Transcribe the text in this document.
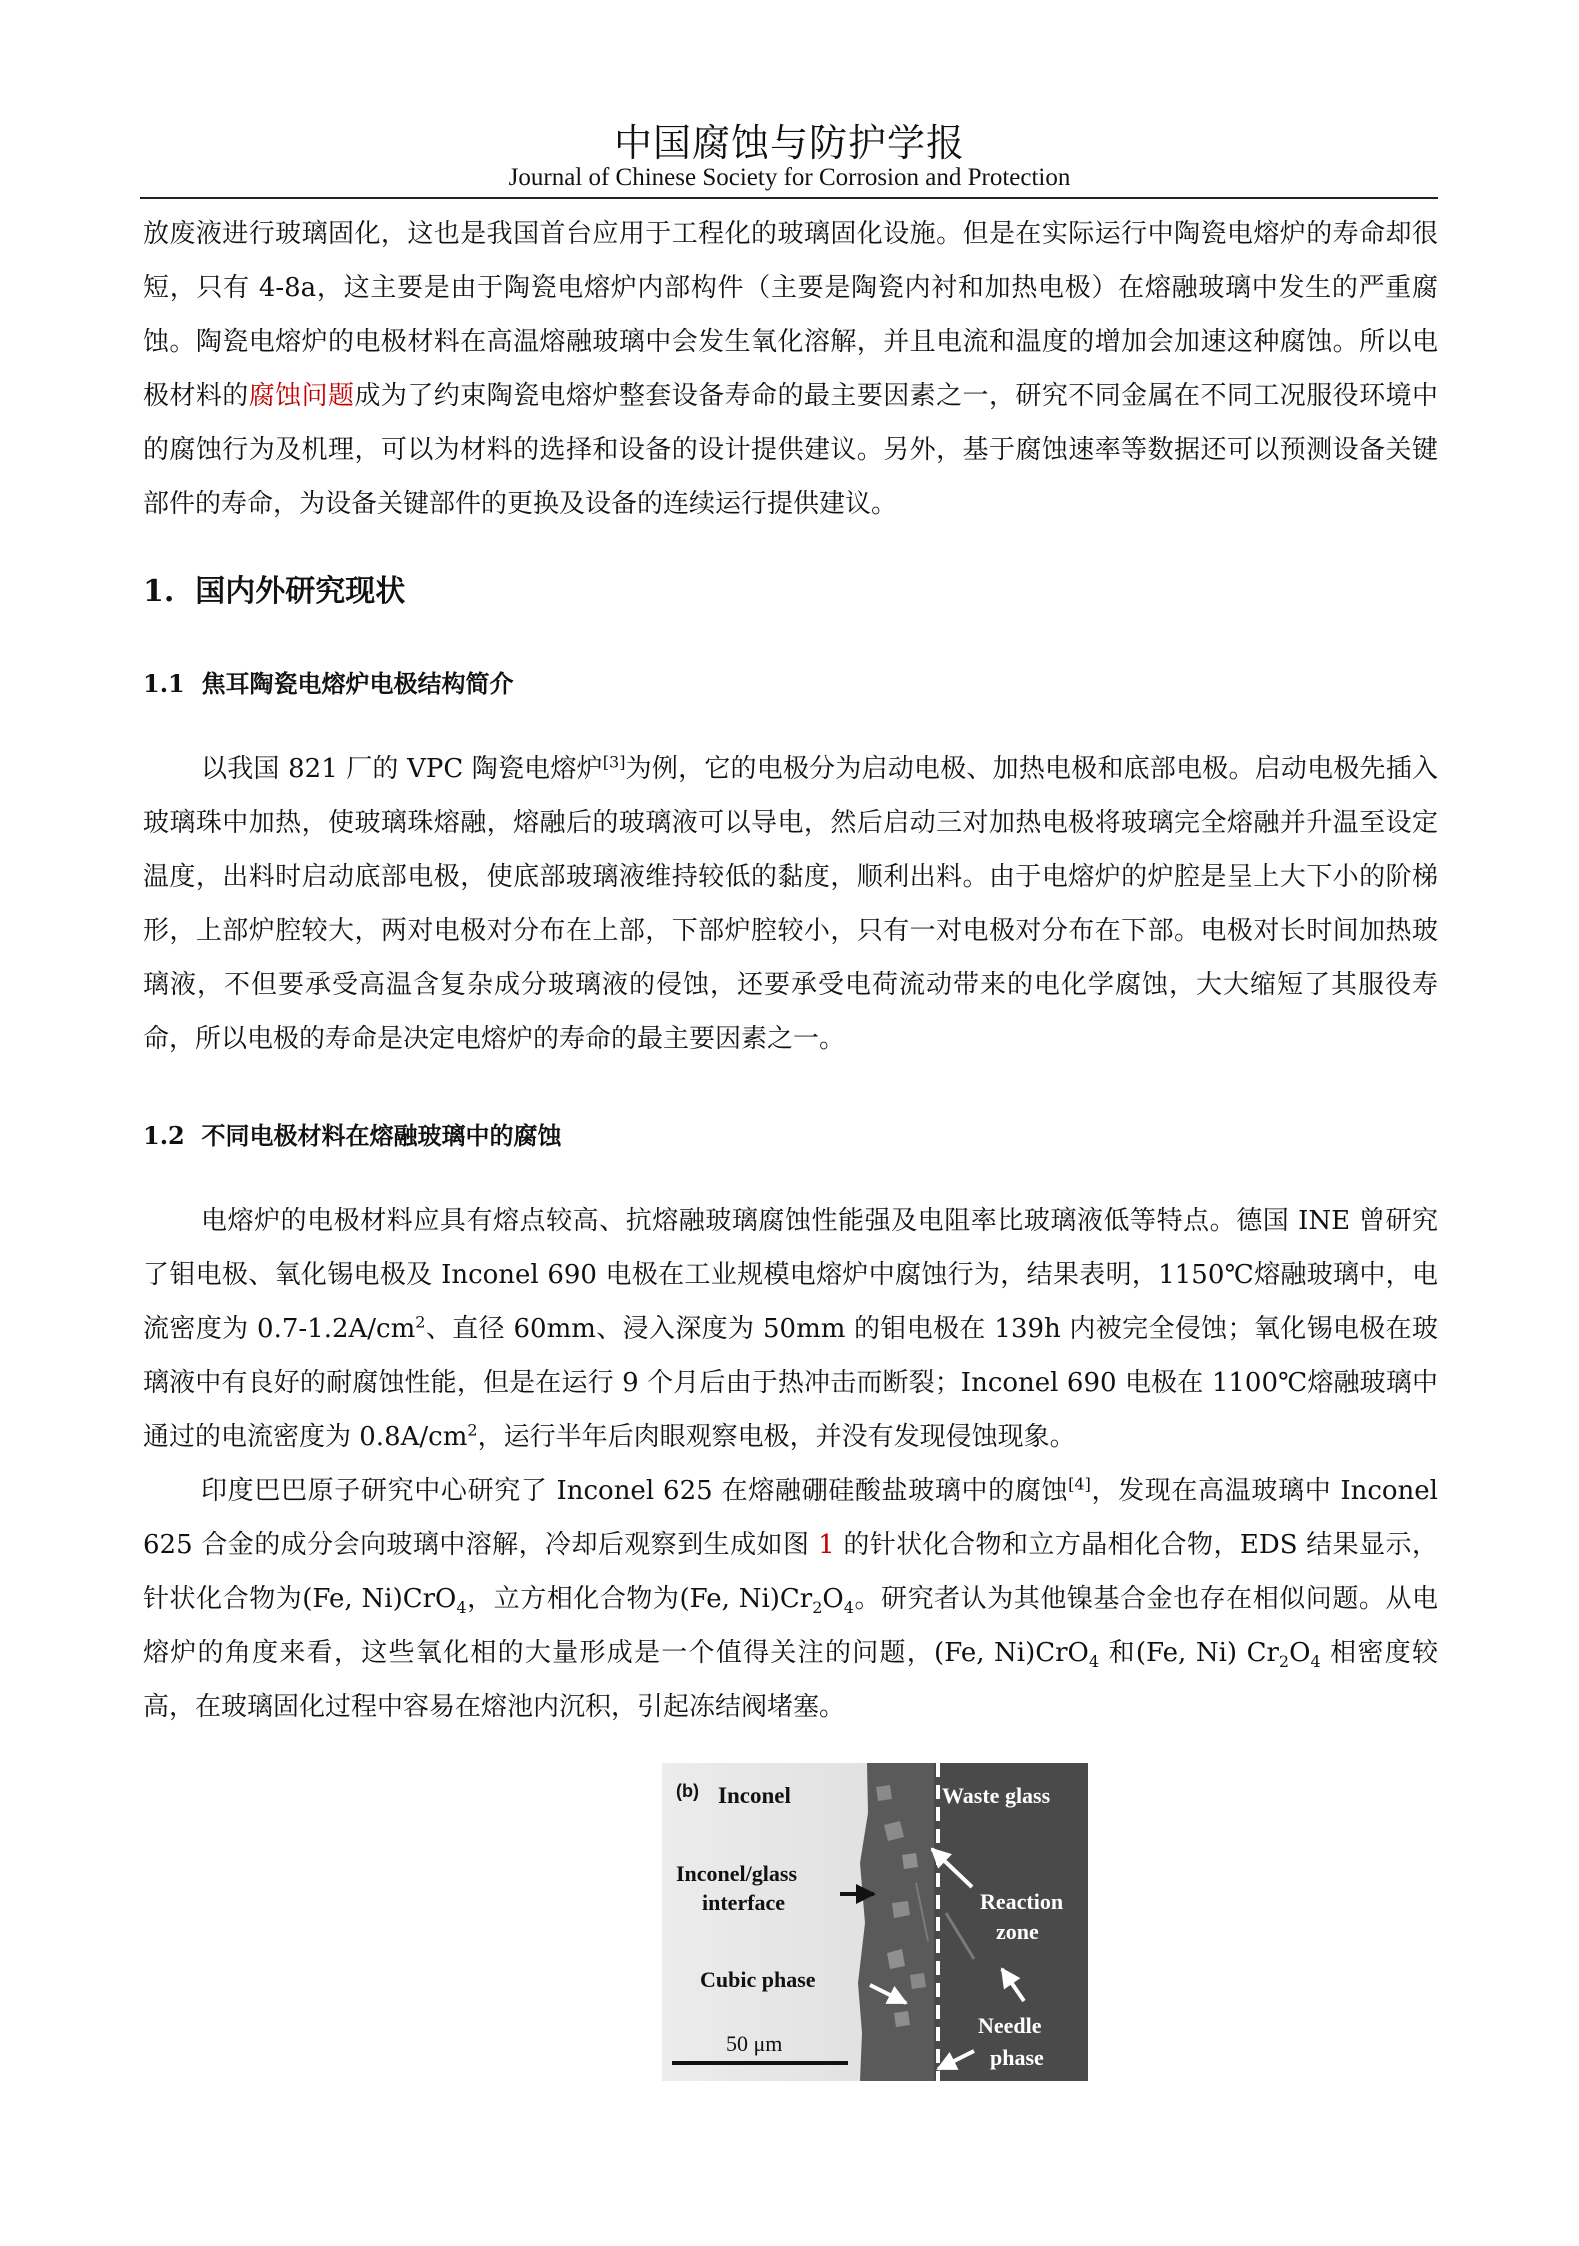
中国腐蚀与防护学报
Journal of Chinese Society for Corrosion and Protection

放废液进行玻璃固化，这也是我国首台应用于工程化的玻璃固化设施。但是在实际运行中陶瓷电熔炉的寿命却很短，只有 4-8a，这主要是由于陶瓷电熔炉内部构件（主要是陶瓷内衬和加热电极）在熔融玻璃中发生的严重腐蚀。陶瓷电熔炉的电极材料在高温熔融玻璃中会发生氧化溶解，并且电流和温度的增加会加速这种腐蚀。所以电极材料的腐蚀问题成为了约束陶瓷电熔炉整套设备寿命的最主要因素之一，研究不同金属在不同工况服役环境中的腐蚀行为及机理，可以为材料的选择和设备的设计提供建议。另外，基于腐蚀速率等数据还可以预测设备关键部件的寿命，为设备关键部件的更换及设备的连续运行提供建议。

1. 国内外研究现状
1.1 焦耳陶瓷电熔炉电极结构简介

以我国 821 厂的 VPC 陶瓷电熔炉[3]为例，它的电极分为启动电极、加热电极和底部电极。启动电极先插入玻璃珠中加热，使玻璃珠熔融，熔融后的玻璃液可以导电，然后启动三对加热电极将玻璃完全熔融并升温至设定温度，出料时启动底部电极，使底部玻璃液维持较低的黏度，顺利出料。由于电熔炉的炉腔是呈上大下小的阶梯形，上部炉腔较大，两对电极对分布在上部，下部炉腔较小，只有一对电极对分布在下部。电极对长时间加热玻璃液，不但要承受高温含复杂成分玻璃液的侵蚀，还要承受电荷流动带来的电化学腐蚀，大大缩短了其服役寿命，所以电极的寿命是决定电熔炉的寿命的最主要因素之一。

1.2 不同电极材料在熔融玻璃中的腐蚀

电熔炉的电极材料应具有熔点较高、抗熔融玻璃腐蚀性能强及电阻率比玻璃液低等特点。德国 INE 曾研究了钼电极、氧化锡电极及 Inconel 690 电极在工业规模电熔炉中腐蚀行为，结果表明，1150℃熔融玻璃中，电流密度为 $0.7-1.2A/cm^2$、直径 60mm、浸入深度为 50mm 的钼电极在 139h 内被完全侵蚀；氧化锡电极在玻璃液中有良好的耐腐蚀性能，但是在运行 9 个月后由于热冲击而断裂；Inconel 690 电极在 1100℃熔融玻璃中通过的电流密度为 $0.8A/cm^2$，运行半年后肉眼观察电极，并没有发现侵蚀现象。

印度巴巴原子研究中心研究了 Inconel 625 在熔融硼硅酸盐玻璃中的腐蚀[4]，发现在高温玻璃中 Inconel 625 合金的成分会向玻璃中溶解，冷却后观察到生成如图 1 的针状化合物和立方晶相化合物，EDS 结果显示，针状化合物为(Fe, Ni)CrO$_4$，立方相化合物为(Fe, $Ni)Cr_2O_4$。研究者认为其他镍基合金也存在相似问题。从电熔炉的角度来看，这些氧化相的大量形成是一个值得关注的问题，(Fe, Ni)CrO$_4$ 和(Fe, Ni) $Cr_2O_4$ 相密度较高，在玻璃固化过程中容易在熔池内沉积，引起冻结阀堵塞。

(b) Inconel	Waste glass
Inconel/glass
interface	Reaction
zone
Cubic phase
Needle
phase
50 μm
